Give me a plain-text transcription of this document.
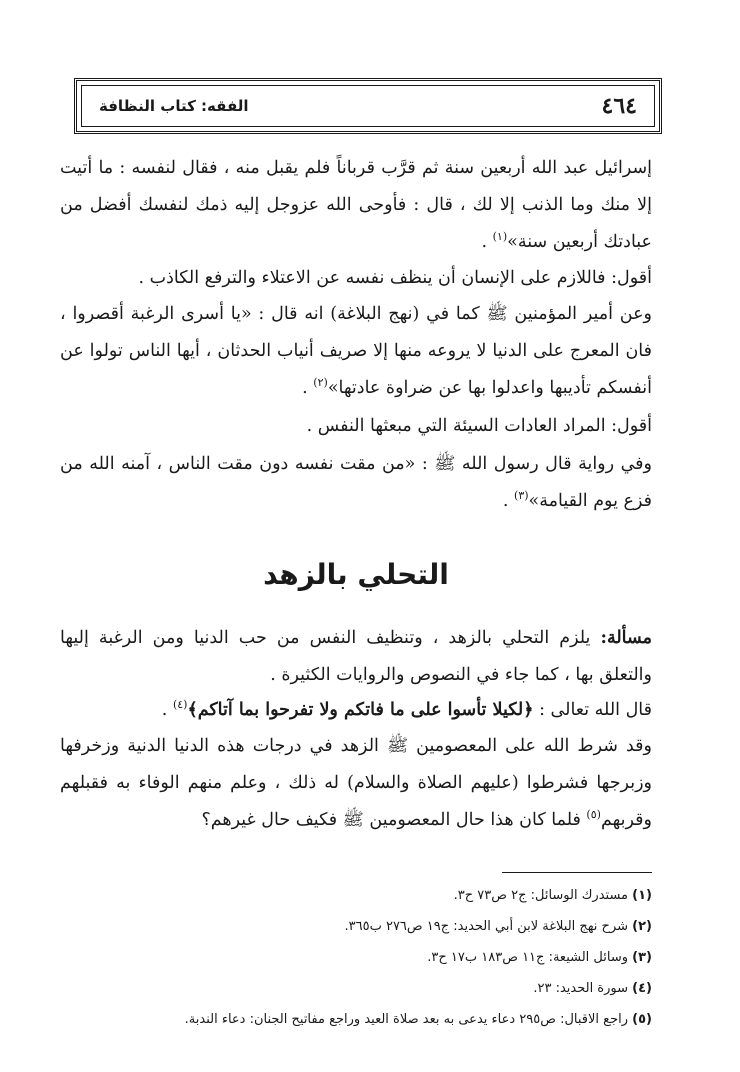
٤٦٤
الفقه: كتاب النظافة

إسرائيل عبد الله أربعين سنة ثم قرَّب قرباناً فلم يقبل منه ، فقال لنفسه : ما أتيت إلا منك وما الذنب إلا لك ، قال : فأوحى الله عزوجل إليه ذمك لنفسك أفضل من عبادتك أربعين سنة»$^{(١)}$ .

أقول: فاللازم على الإنسان أن ينظف نفسه عن الاعتلاء والترفع الكاذب .

وعن أمير المؤمنين ﷺ كما في (نهج البلاغة) انه قال : «يا أسرى الرغبة أقصروا ، فان المعرج على الدنيا لا يروعه منها إلا صريف أنياب الحدثان ، أيها الناس تولوا عن أنفسكم تأديبها واعدلوا بها عن ضراوة عادتها»$^{(٢)}$ .

أقول: المراد العادات السيئة التي مبعثها النفس .

وفي رواية قال رسول الله ﷺ : «من مقت نفسه دون مقت الناس ، آمنه الله من فزع يوم القيامة»$^{(٣)}$ .

التحلي بالزهد

مسألة: يلزم التحلي بالزهد ، وتنظيف النفس من حب الدنيا ومن الرغبة إليها والتعلق بها ، كما جاء في النصوص والروايات الكثيرة .

قال الله تعالى : ﴿لكيلا تأسوا على ما فاتكم ولا تفرحوا بما آتاكم﴾$^{(٤)}$ .

وقد شرط الله على المعصومين ﷺ الزهد في درجات هذه الدنيا الدنية وزخرفها وزبرجها فشرطوا (عليهم الصلاة والسلام) له ذلك ، وعلم منهم الوفاء به فقبلهم وقربهم$^{(٥)}$ فلما كان هذا حال المعصومين ﷺ فكيف حال غيرهم؟

(١) مستدرك الوسائل: ج٢ ص٧٣ ح٣.
(٢) شرح نهج البلاغة لابن أبي الحديد: ج١٩ ص٢٧٦ ب٣٦٥.
(٣) وسائل الشيعة: ج١١ ص١٨٣ ب١٧ ح٣.
(٤) سورة الحديد: ٢٣.
(٥) راجع الاقبال: ص٢٩٥ دعاء يدعى به بعد صلاة العيد وراجع مفاتيح الجنان: دعاء الندبة.
